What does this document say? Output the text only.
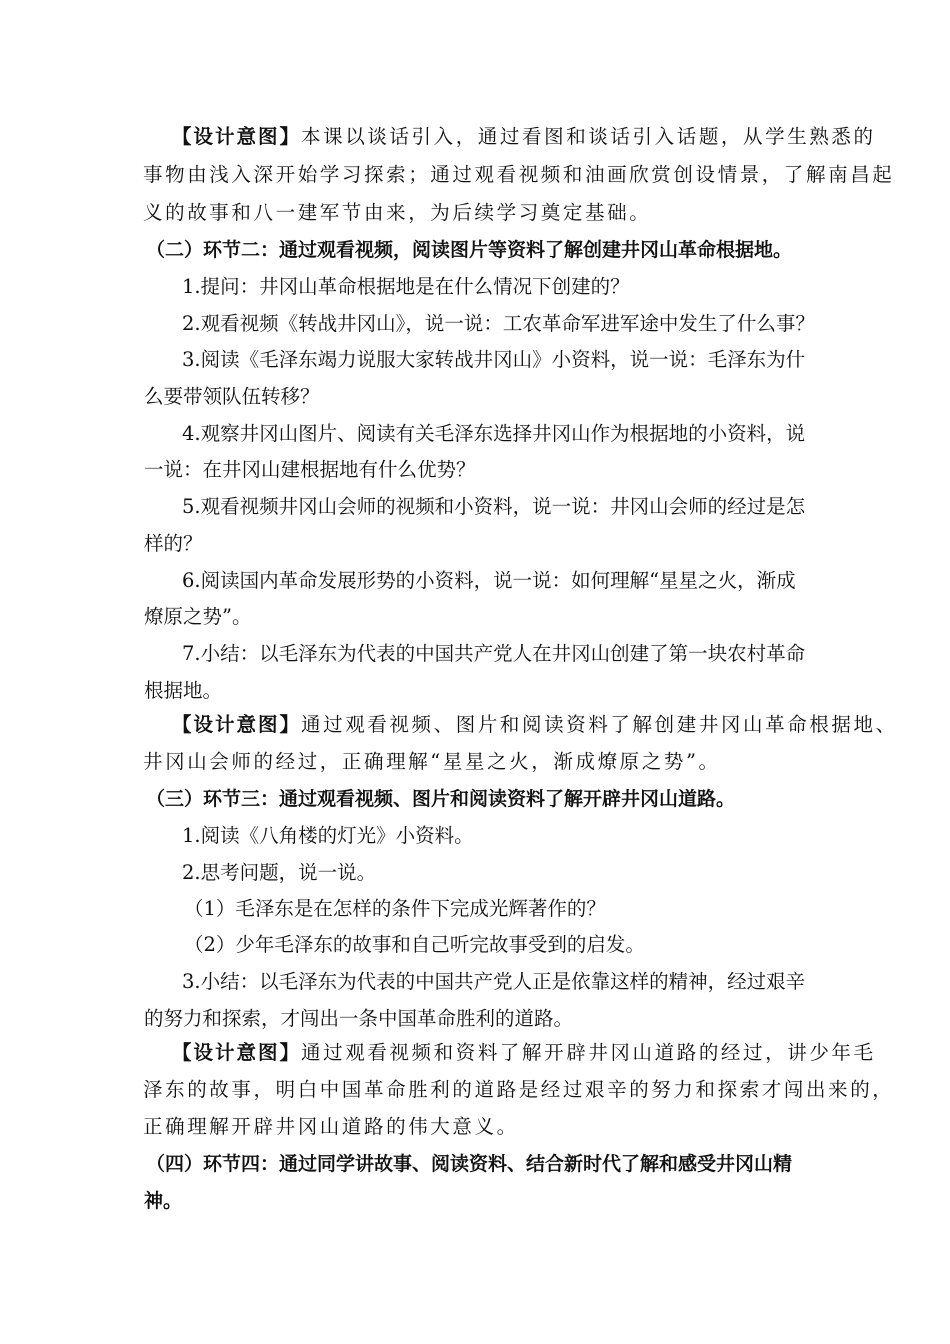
【设计意图】本课以谈话引入，通过看图和谈话引入话题，从学生熟悉的
事物由浅入深开始学习探索；通过观看视频和油画欣赏创设情景，了解南昌起
义的故事和八一建军节由来，为后续学习奠定基础。
（二）环节二：通过观看视频，阅读图片等资料了解创建井冈山革命根据地。
1.提问：井冈山革命根据地是在什么情况下创建的？
2.观看视频《转战井冈山》，说一说：工农革命军进军途中发生了什么事？
3.阅读《毛泽东竭力说服大家转战井冈山》小资料，说一说：毛泽东为什
么要带领队伍转移？
4.观察井冈山图片、阅读有关毛泽东选择井冈山作为根据地的小资料，说
一说：在井冈山建根据地有什么优势？
5.观看视频井冈山会师的视频和小资料，说一说：井冈山会师的经过是怎
样的？
6.阅读国内革命发展形势的小资料，说一说：如何理解“星星之火，渐成
燎原之势”。
7.小结：以毛泽东为代表的中国共产党人在井冈山创建了第一块农村革命
根据地。
【设计意图】通过观看视频、图片和阅读资料了解创建井冈山革命根据地、
井冈山会师的经过，正确理解“星星之火，渐成燎原之势”。
（三）环节三：通过观看视频、图片和阅读资料了解开辟井冈山道路。
1.阅读《八角楼的灯光》小资料。
2.思考问题，说一说。
（1）毛泽东是在怎样的条件下完成光辉著作的？
（2）少年毛泽东的故事和自己听完故事受到的启发。
3.小结：以毛泽东为代表的中国共产党人正是依靠这样的精神，经过艰辛
的努力和探索，才闯出一条中国革命胜利的道路。
【设计意图】通过观看视频和资料了解开辟井冈山道路的经过，讲少年毛
泽东的故事，明白中国革命胜利的道路是经过艰辛的努力和探索才闯出来的，
正确理解开辟井冈山道路的伟大意义。
（四）环节四：通过同学讲故事、阅读资料、结合新时代了解和感受井冈山精
神。
